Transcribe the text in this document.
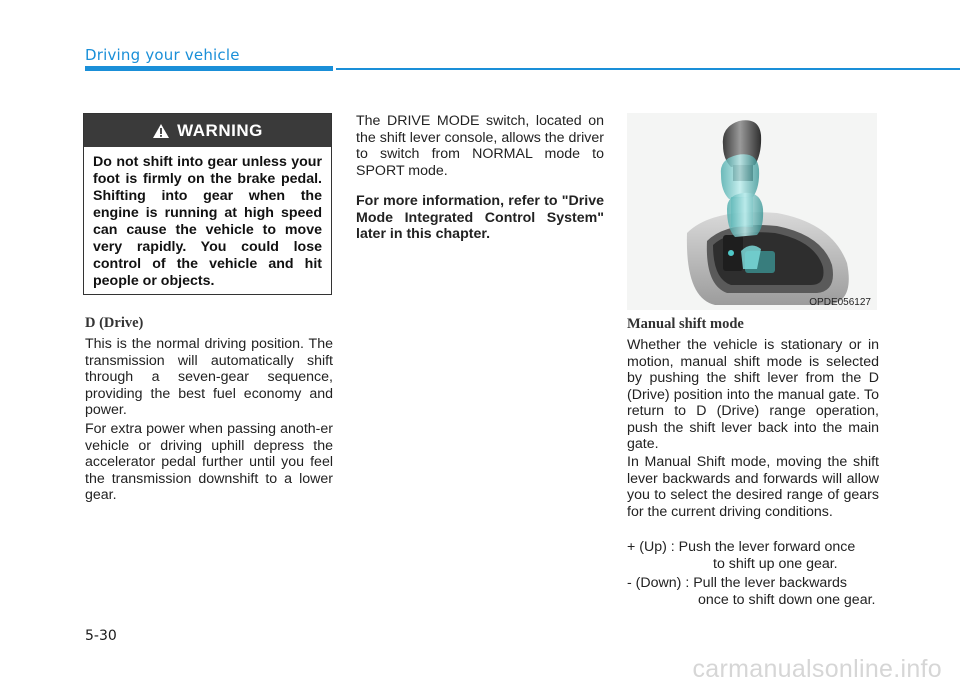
Driving your vehicle
WARNING
Do not shift into gear unless your foot is firmly on the brake pedal. Shifting into gear when the engine is running at high speed can cause the vehicle to move very rapidly. You could lose control of the vehicle and hit people or objects.
D (Drive)
This is the normal driving position. The transmission will automatically shift through a seven-gear sequence, providing the best fuel economy and power.
For extra power when passing anoth-er vehicle or driving uphill depress the accelerator pedal further until you feel the transmission downshift to a lower gear.
The DRIVE MODE switch, located on the shift lever console, allows the driver to switch from NORMAL mode to SPORT mode.
For more information, refer to "Drive Mode Integrated Control System" later in this chapter.
OPDE056127
Manual shift mode
Whether the vehicle is stationary or in motion, manual shift mode is selected by pushing the shift lever from the D (Drive) position into the manual gate. To return to D (Drive) range operation, push the shift lever back into the main gate.
In Manual Shift mode, moving the shift lever backwards and forwards will allow you to select the desired range of gears for the current driving conditions.
+ (Up) : Push the lever forward once
to shift up one gear.
- (Down) : Pull the lever backwards
once to shift down one gear.
5-30
carmanualsonline.info
